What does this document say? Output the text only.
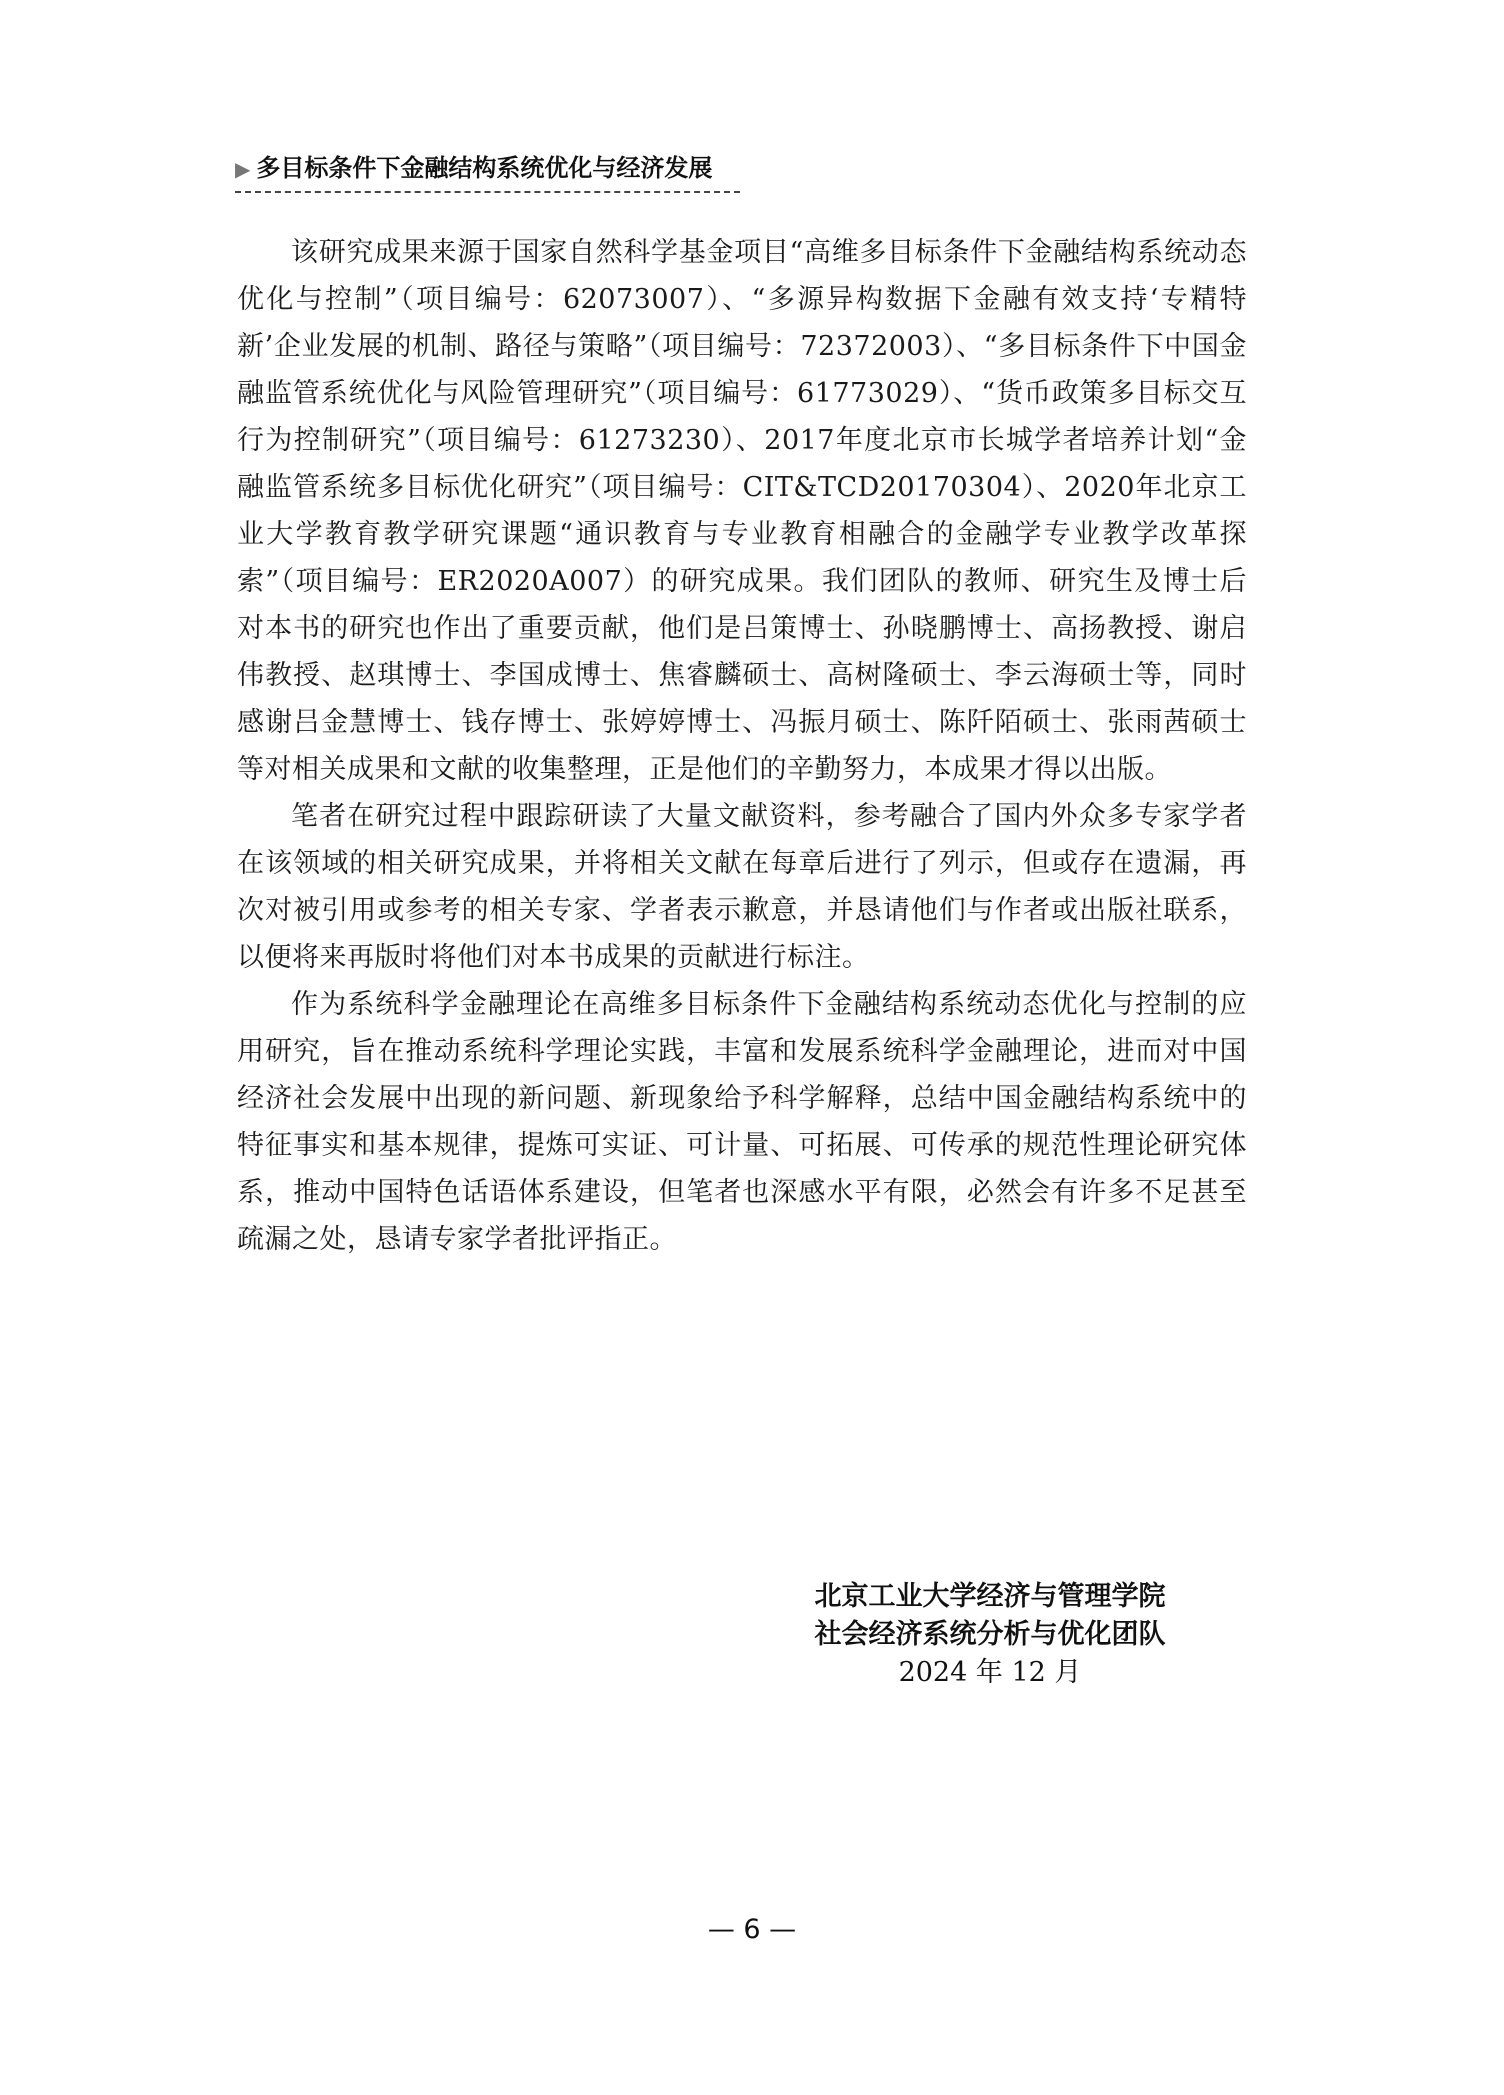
▶ 多目标条件下金融结构系统优化与经济发展

该研究成果来源于国家自然科学基金项目“高维多目标条件下金融结构系统动态优化与控制”（项目编号：62073007）、“多源异构数据下金融有效支持‘专精特新’企业发展的机制、路径与策略”（项目编号：72372003）、“多目标条件下中国金融监管系统优化与风险管理研究”（项目编号：61773029）、“货币政策多目标交互行为控制研究”（项目编号：61273230）、2017年度北京市长城学者培养计划“金融监管系统多目标优化研究”（项目编号：CIT&TCD20170304）、2020年北京工业大学教育教学研究课题“通识教育与专业教育相融合的金融学专业教学改革探索”（项目编号：ER2020A007）的研究成果。我们团队的教师、研究生及博士后对本书的研究也作出了重要贡献，他们是吕策博士、孙晓鹏博士、高扬教授、谢启伟教授、赵琪博士、李国成博士、焦睿麟硕士、高树隆硕士、李云海硕士等，同时感谢吕金慧博士、钱存博士、张婷婷博士、冯振月硕士、陈阡陌硕士、张雨茜硕士等对相关成果和文献的收集整理，正是他们的辛勤努力，本成果才得以出版。

笔者在研究过程中跟踪研读了大量文献资料，参考融合了国内外众多专家学者在该领域的相关研究成果，并将相关文献在每章后进行了列示，但或存在遗漏，再次对被引用或参考的相关专家、学者表示歉意，并恳请他们与作者或出版社联系，以便将来再版时将他们对本书成果的贡献进行标注。

作为系统科学金融理论在高维多目标条件下金融结构系统动态优化与控制的应用研究，旨在推动系统科学理论实践，丰富和发展系统科学金融理论，进而对中国经济社会发展中出现的新问题、新现象给予科学解释，总结中国金融结构系统中的特征事实和基本规律，提炼可实证、可计量、可拓展、可传承的规范性理论研究体系，推动中国特色话语体系建设，但笔者也深感水平有限，必然会有许多不足甚至疏漏之处，恳请专家学者批评指正。

北京工业大学经济与管理学院
社会经济系统分析与优化团队
2024 年 12 月
— 6 —
